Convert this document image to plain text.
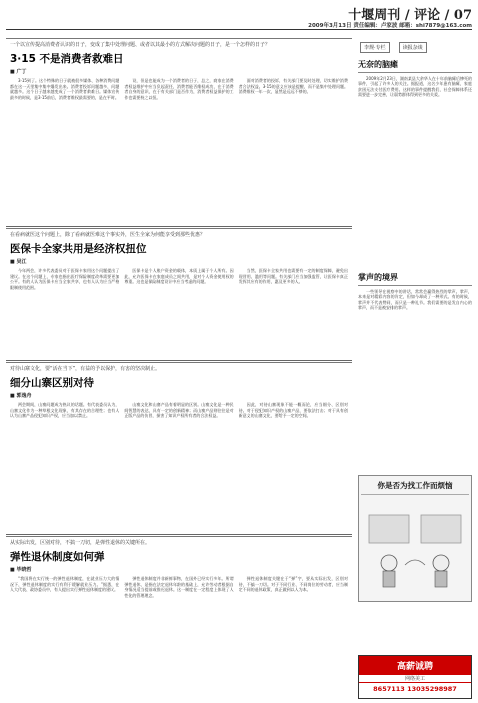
十堰周刊 / 评论 / 07
2009年3月13日 责任编辑：卢家波 邮箱：shi7879@163.com
一个以宣传提高消费者认识的日子，变成了集中处理问题、或者以其最小的方式解决问题的日子，是一个怎样的日子？
3·15 不是消费者救难日
■ 广丁

3·15到了。这个特殊的日子就被很多媒体、各种消费问题都在这一天里集中集中爆发出来。消费者投诉问题越多，问题就越多。这个日子越来越变成了一个消费者救难日。媒体宣传最多的时候，是3·15前后，消费者维权最需要的，是在平时。

设，但是也能成为一个消费者的日子，总之，商家在消费者权益维护中应当负起责任，消费者能否维权成功，在于消费者自身的意识，在于有关部门是否作为，消费者权益保护的工作也需要持之以恒。

面对消费者的投诉，有关部门要及时处理，切实维护消费者合法权益。3·15的意义应该是提醒，而不是集中处理问题。消费维权一年一次，显然是远远不够的。

在看病就医这个问题上，除了看病就医难这个事实外，医生全家为何能享受到那些优惠？
医保卡全家共用是经济权扭位
■ 吴江

今年两会，许多代表委员对于医保卡家用这个问题提出了建议。在这个问题上，专家也指出医疗保险制度改革需要更加公平。有的人认为医保卡应当全家共享，也有人认为应当严格限制使用范围。

医保卡是个人账户资金的载体，本质上属于个人所有。因此，允许医保卡在家庭成员之间共用，是对个人资金使用权的尊重。这也是保险制度设计中应当考虑的问题。

当然，医保卡全家共用也需要有一定的制度保障，避免出现冒用、滥用等问题。有关部门应当加强监管，让医保卡真正发挥其应有的作用，惠及更多的人。

对待山寨文化，要“活在当下”，有益的予以保护，有害的坚决制止。
细分山寨区别对待
■ 郭逸舟

两会期间，山寨问题成为热议的话题。有代表委员认为，山寨文化作为一种草根文化现象，有其存在的合理性；也有人认为山寨产品侵犯知识产权，应当加以禁止。

山寨文化和山寨产品有着明显的区别。山寨文化是一种民间智慧的表达，具有一定的创新精神；而山寨产品则往往是对正版产品的仿冒，损害了知识产权所有者的合法权益。

因此，对待山寨现象不能一概而论，应当细分、区别对待。对于侵犯知识产权的山寨产品，要依法打击；对于具有创新意义的山寨文化，要给予一定的空间。

从实际出发，区别对待，不搞一刀切，是弹性退休的关键所在。
弹性退休制度如何弹
■ 毕晓哲

“我国将在实行统一的弹性退休制度，在就业压力大的情况下，弹性退休制度的实行有利于缓解就业压力。”据悉，在人大代表、政协委员中，有人提出实行弹性退休制度的建议。

弹性退休制度并非新鲜事物，在国外已经实行多年。所谓弹性退休，是指在法定退休年龄的基础上，允许劳动者根据自身情况适当提前或推迟退休。这一制度在一定程度上体现了人性化的管理理念。

弹性退休制度关键在于“弹”字，要从实际出发，区别对待，不搞一刀切。对于不同行业、不同岗位的劳动者，应当制定不同的退休政策，真正做到以人为本。

李规·专栏	读报杂谈
无奈的脑瘫

2009年2月23日，湖南某县大余华人在十年前脑瘫后惨死的事件，引起了许多人的关注。据报道，这名少年患有脑瘫，家庭贫困无法支付医疗费用。这样的事件提醒我们，社会保障体系还需要进一步完善，让弱势群体得到更多的关爱。

掌声的境界

一些领导在视察中的讲话，常常会赢得热烈的掌声。掌声，本来是对精彩内容的肯定，但如今却成了一种形式。有的时候，掌声并不代表赞同，而只是一种礼节。我们需要的是发自内心的掌声，而不是被安排的掌声。

你是否为找工作而烦恼
高薪诚聘
网络美工
8657113 13035298987
